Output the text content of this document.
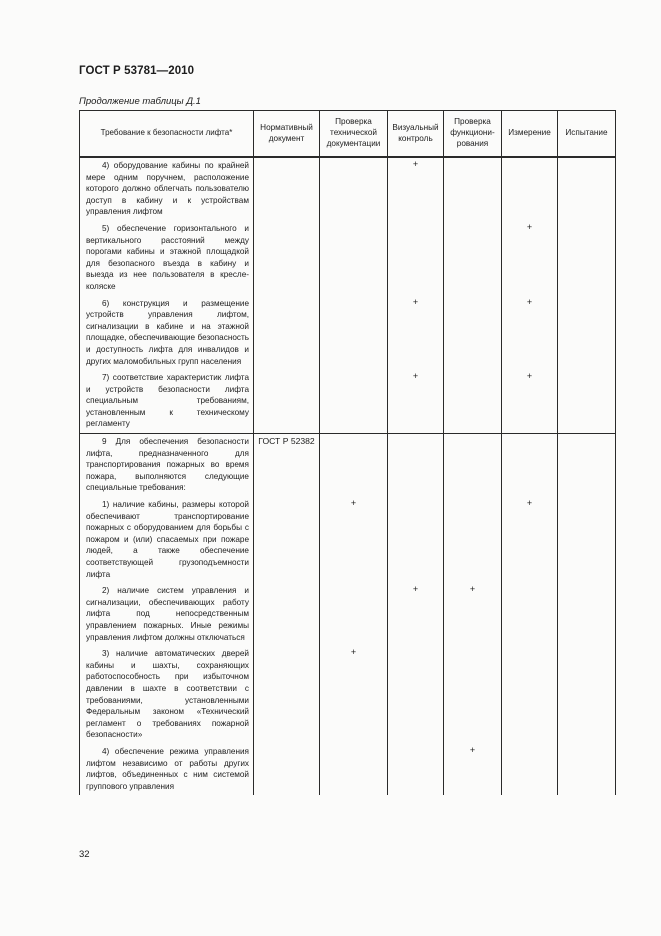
ГОСТ Р 53781—2010
Продолжение таблицы Д.1
Требование к безопасности лифта*	Нормативный документ	Проверка технической документации	Визуальный контроль	Проверка функциони-рования	Измерение	Испытание

4) оборудование кабины по крайней мере одним поручнем, расположение которого должно облегчать пользователю доступ в кабину и к устройствам управления лифтом			+			

5) обеспечение горизонтального и вертикального расстояний между порогами кабины и этажной площадкой для безопасного въезда в кабину и выезда из нее пользователя в кресле-коляске					+	

6) конструкция и размещение устройств управления лифтом, сигнализации в кабине и на этажной площадке, обеспечивающие безопасность и доступность лифта для инвалидов и других маломобильных групп населения			+		+	

7) соответствие характеристик лифта и устройств безопасности лифта специальным требованиям, установленным к техническому регламенту			+		+	

9 Для обеспечения безопасности лифта, предназначенного для транспортирования пожарных во время пожара, выполняются следующие специальные требования:	ГОСТ Р 52382					

1) наличие кабины, размеры которой обеспечивают транспортирование пожарных с оборудованием для борьбы с пожаром и (или) спасаемых при пожаре людей, а также обеспечение соответствующей грузоподъемности лифта		+			+	

2) наличие систем управления и сигнализации, обеспечивающих работу лифта под непосредственным управлением пожарных. Иные режимы управления лифтом должны отключаться			+	+		

3) наличие автоматических дверей кабины и шахты, сохраняющих работоспособность при избыточном давлении в шахте в соответствии с требованиями, установленными Федеральным законом «Технический регламент о требованиях пожарной безопасности»		+				

4) обеспечение режима управления лифтом независимо от работы других лифтов, объединенных с ним системой группового управления				+		
32
